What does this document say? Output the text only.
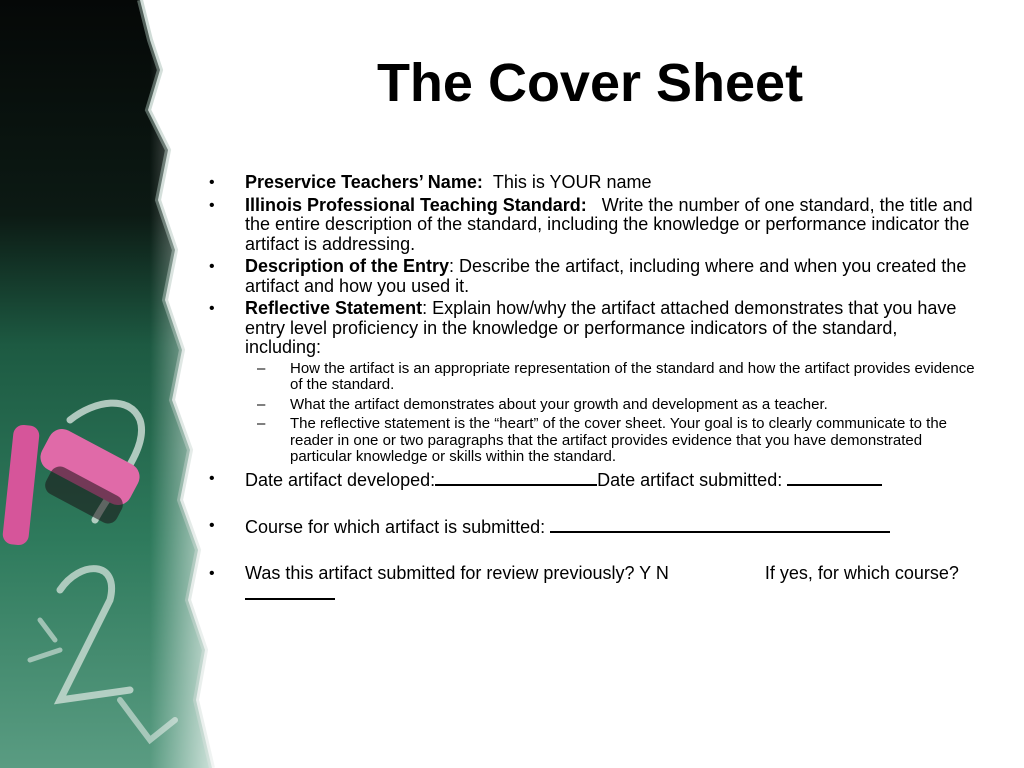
The Cover Sheet
• Preservice Teachers’ Name: This is YOUR name
• Illinois Professional Teaching Standard: Write the number of one standard, the title and the entire description of the standard, including the knowledge or performance indicator the artifact is addressing.
• Description of the Entry: Describe the artifact, including where and when you created the artifact and how you used it.
• Reflective Statement: Explain how/why the artifact attached demonstrates that you have entry level proficiency in the knowledge or performance indicators of the standard, including:
– How the artifact is an appropriate representation of the standard and how the artifact provides evidence of the standard.
– What the artifact demonstrates about your growth and development as a teacher.
– The reflective statement is the “heart” of the cover sheet. Your goal is to clearly communicate to the reader in one or two paragraphs that the artifact provides evidence that you have demonstrated particular knowledge or skills within the standard.
• Date artifact developed:	Date artifact submitted:
• Course for which artifact is submitted:
• Was this artifact submitted for review previously? Y N	If yes, for which course?
